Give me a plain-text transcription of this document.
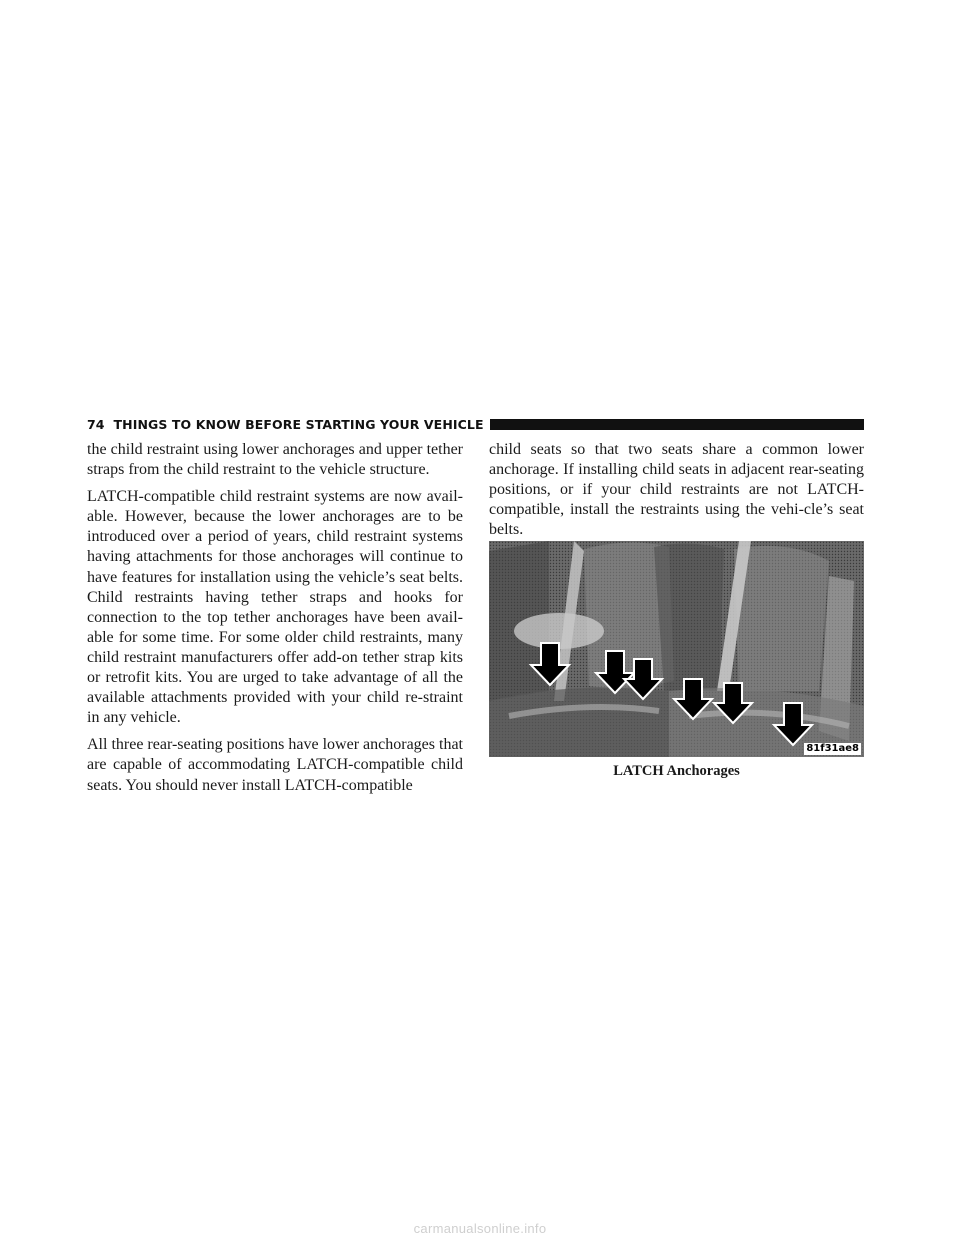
74 THINGS TO KNOW BEFORE STARTING YOUR VEHICLE

the child restraint using lower anchorages and upper tether straps from the child restraint to the vehicle structure.

LATCH-compatible child restraint systems are now avail-able. However, because the lower anchorages are to be introduced over a period of years, child restraint systems having attachments for those anchorages will continue to have features for installation using the vehicle’s seat belts. Child restraints having tether straps and hooks for connection to the top tether anchorages have been avail-able for some time. For some older child restraints, many child restraint manufacturers offer add-on tether strap kits or retrofit kits. You are urged to take advantage of all the available attachments provided with your child re-straint in any vehicle.

All three rear-seating positions have lower anchorages that are capable of accommodating LATCH-compatible child seats. You should never install LATCH-compatible

child seats so that two seats share a common lower anchorage. If installing child seats in adjacent rear-seating positions, or if your child restraints are not LATCH-compatible, install the restraints using the vehi-cle’s seat belts.

81f31ae8
LATCH Anchorages
carmanualsonline.info
